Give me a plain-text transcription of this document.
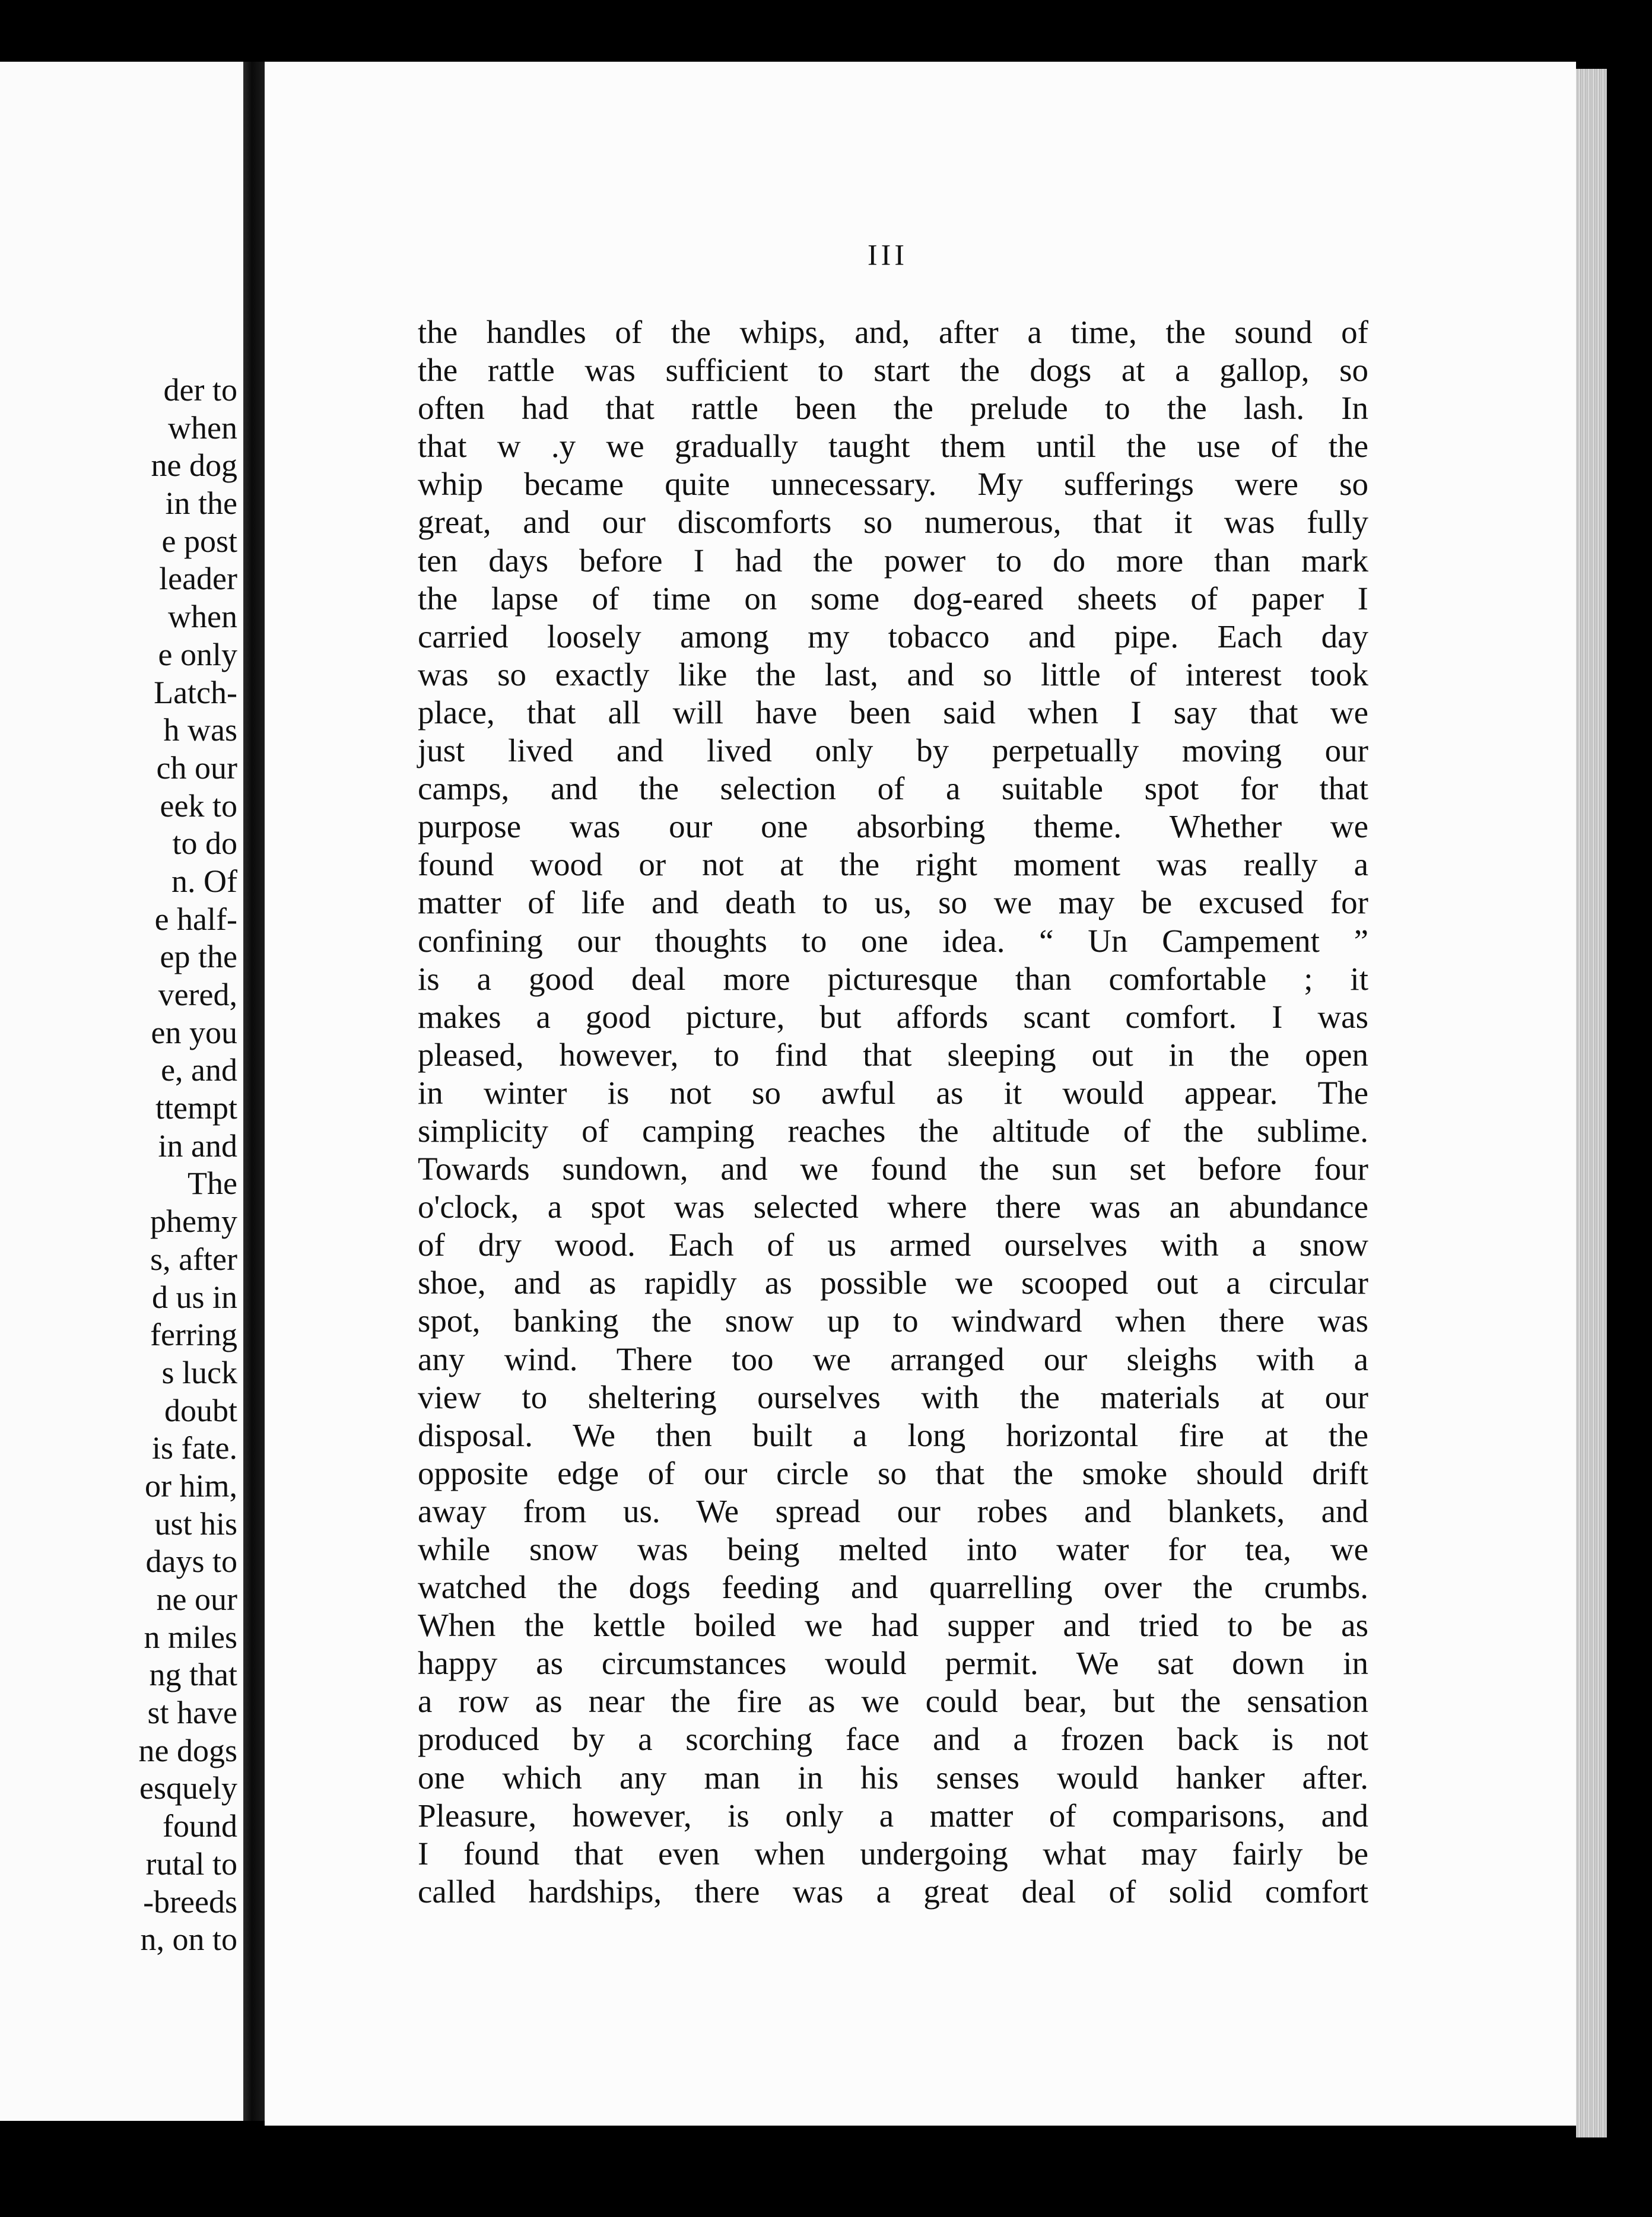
der to
when
ne dog
in the
e post
leader
when
e only
Latch-
h was
ch our
eek to
to do
n. Of
e half-
ep the
vered,
en you
e, and
ttempt
in and
The
phemy
s, after
d us in
ferring
s luck
doubt
is fate.
or him,
ust his
days to
ne our
n miles
ng that
st have
ne dogs
esquely
found
rutal to
-breeds
n, on to
III
the handles of the whips, and, after a time, the sound of
the rattle was sufficient to start the dogs at a gallop, so
often had that rattle been the prelude to the lash. In
that w .y we gradually taught them until the use of the
whip became quite unnecessary. My sufferings were so
great, and our discomforts so numerous, that it was fully
ten days before I had the power to do more than mark
the lapse of time on some dog-eared sheets of paper I
carried loosely among my tobacco and pipe. Each day
was so exactly like the last, and so little of interest took
place, that all will have been said when I say that we
just lived and lived only by perpetually moving our
camps, and the selection of a suitable spot for that
purpose was our one absorbing theme. Whether we
found wood or not at the right moment was really a
matter of life and death to us, so we may be excused for
confining our thoughts to one idea. “ Un Campement ”
is a good deal more picturesque than comfortable ; it
makes a good picture, but affords scant comfort. I was
pleased, however, to find that sleeping out in the open
in winter is not so awful as it would appear. The
simplicity of camping reaches the altitude of the sublime.
Towards sundown, and we found the sun set before four
o'clock, a spot was selected where there was an abundance
of dry wood. Each of us armed ourselves with a snow
shoe, and as rapidly as possible we scooped out a circular
spot, banking the snow up to windward when there was
any wind. There too we arranged our sleighs with a
view to sheltering ourselves with the materials at our
disposal. We then built a long horizontal fire at the
opposite edge of our circle so that the smoke should drift
away from us. We spread our robes and blankets, and
while snow was being melted into water for tea, we
watched the dogs feeding and quarrelling over the crumbs.
When the kettle boiled we had supper and tried to be as
happy as circumstances would permit. We sat down in
a row as near the fire as we could bear, but the sensation
produced by a scorching face and a frozen back is not
one which any man in his senses would hanker after.
Pleasure, however, is only a matter of comparisons, and
I found that even when undergoing what may fairly be
called hardships, there was a great deal of solid comfort
